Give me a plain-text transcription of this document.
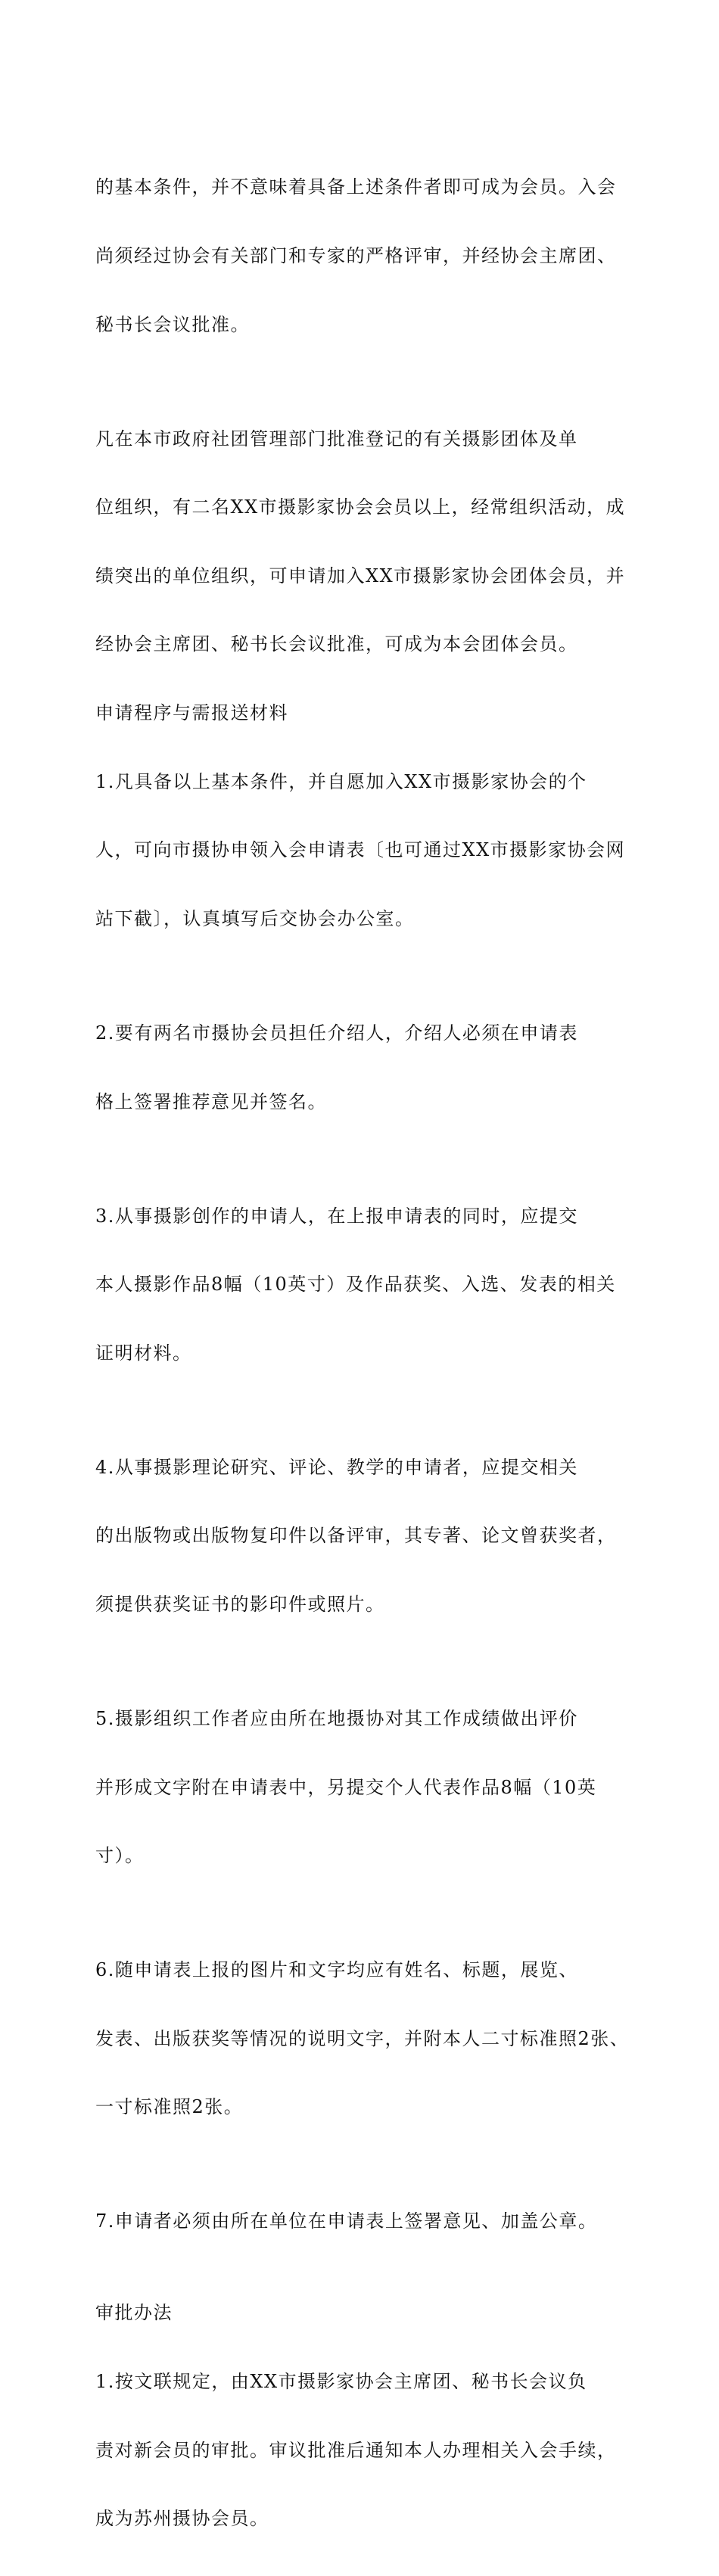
的基本条件，并不意味着具备上述条件者即可成为会员。入会

尚须经过协会有关部门和专家的严格评审，并经协会主席团、

秘书长会议批准。

凡在本市政府社团管理部门批准登记的有关摄影团体及单

位组织，有二名XX市摄影家协会会员以上，经常组织活动，成

绩突出的单位组织，可申请加入XX市摄影家协会团体会员，并

经协会主席团、秘书长会议批准，可成为本会团体会员。

申请程序与需报送材料

1.凡具备以上基本条件，并自愿加入XX市摄影家协会的个

人，可向市摄协申领入会申请表〔也可通过XX市摄影家协会网

站下截〕，认真填写后交协会办公室。

2.要有两名市摄协会员担任介绍人，介绍人必须在申请表

格上签署推荐意见并签名。

3.从事摄影创作的申请人，在上报申请表的同时，应提交

本人摄影作品8幅（10英寸）及作品获奖、入选、发表的相关

证明材料。

4.从事摄影理论研究、评论、教学的申请者，应提交相关

的出版物或出版物复印件以备评审，其专著、论文曾获奖者，

须提供获奖证书的影印件或照片。

5.摄影组织工作者应由所在地摄协对其工作成绩做出评价

并形成文字附在申请表中，另提交个人代表作品8幅（10英

寸）。

6.随申请表上报的图片和文字均应有姓名、标题，展览、

发表、出版获奖等情况的说明文字，并附本人二寸标准照2张、

一寸标准照2张。

7.申请者必须由所在单位在申请表上签署意见、加盖公章。

审批办法

1.按文联规定，由XX市摄影家协会主席团、秘书长会议负

责对新会员的审批。审议批准后通知本人办理相关入会手续，

成为苏州摄协会员。
